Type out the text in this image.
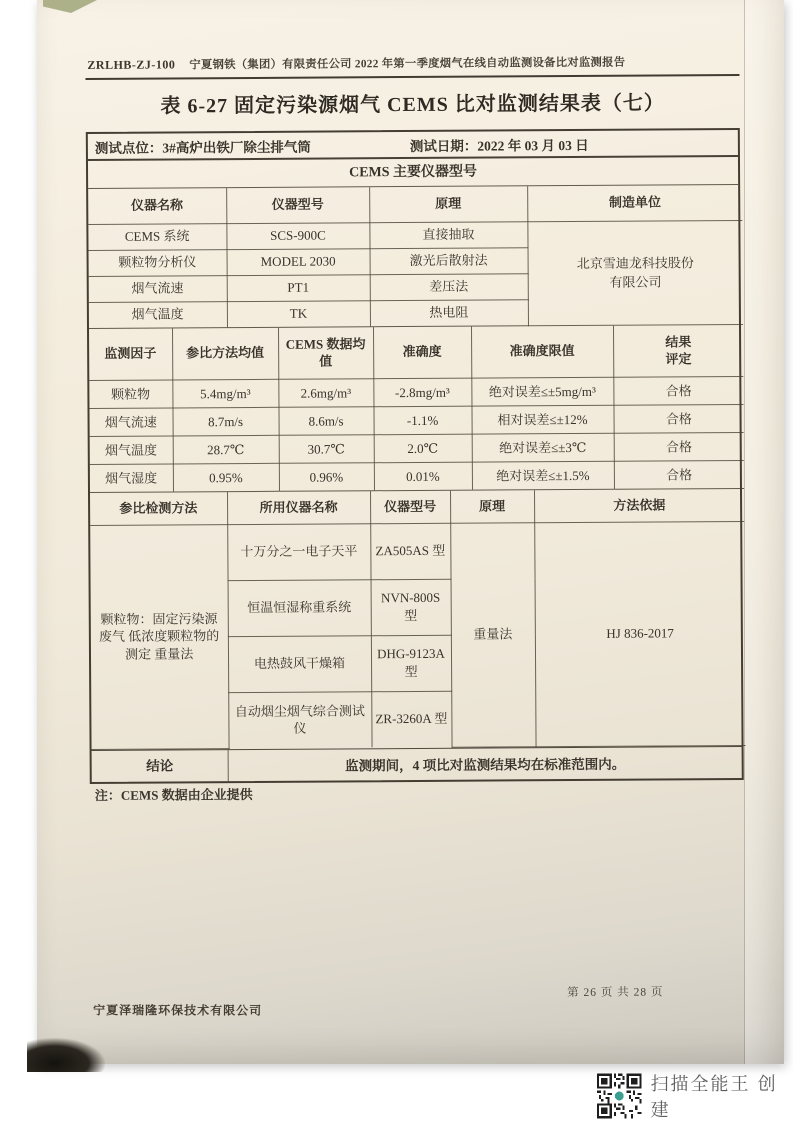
ZRLHB-ZJ-100 宁夏钢铁（集团）有限责任公司 2022 年第一季度烟气在线自动监测设备比对监测报告
表 6-27 固定污染源烟气 CEMS 比对监测结果表（七）
测试点位：3#高炉出铁厂除尘排气筒	测试日期：2022 年 03 月 03 日
CEMS 主要仪器型号
仪器名称	仪器型号	原理	制造单位
CEMS 系统	SCS-900C	直接抽取	北京雪迪龙科技股份有限公司
颗粒物分析仪	MODEL 2030	激光后散射法	
烟气流速	PT1	差压法	
烟气温度	TK	热电阻	
监测因子	参比方法均值	CEMS 数据均值	准确度	准确度限值	结果评定
颗粒物	5.4mg/m³	2.6mg/m³	-2.8mg/m³	绝对误差≤±5mg/m³	合格
烟气流速	8.7m/s	8.6m/s	-1.1%	相对误差≤±12%	合格
烟气温度	28.7℃	30.7℃	2.0℃	绝对误差≤±3℃	合格
烟气湿度	0.95%	0.96%	0.01%	绝对误差≤±1.5%	合格
参比检测方法	所用仪器名称	仪器型号	原理	方法依据
颗粒物：固定污染源废气 低浓度颗粒物的测定 重量法	十万分之一电子天平	ZA505AS 型	重量法	HJ 836-2017
	恒温恒湿称重系统	NVN-800S 型		
	电热鼓风干燥箱	DHG-9123A 型		
	自动烟尘烟气综合测试仪	ZR-3260A 型		
结论	监测期间，4 项比对监测结果均在标准范围内。
注：CEMS 数据由企业提供
宁夏泽瑞隆环保技术有限公司
第 26 页 共 28 页
扫描全能王 创建
